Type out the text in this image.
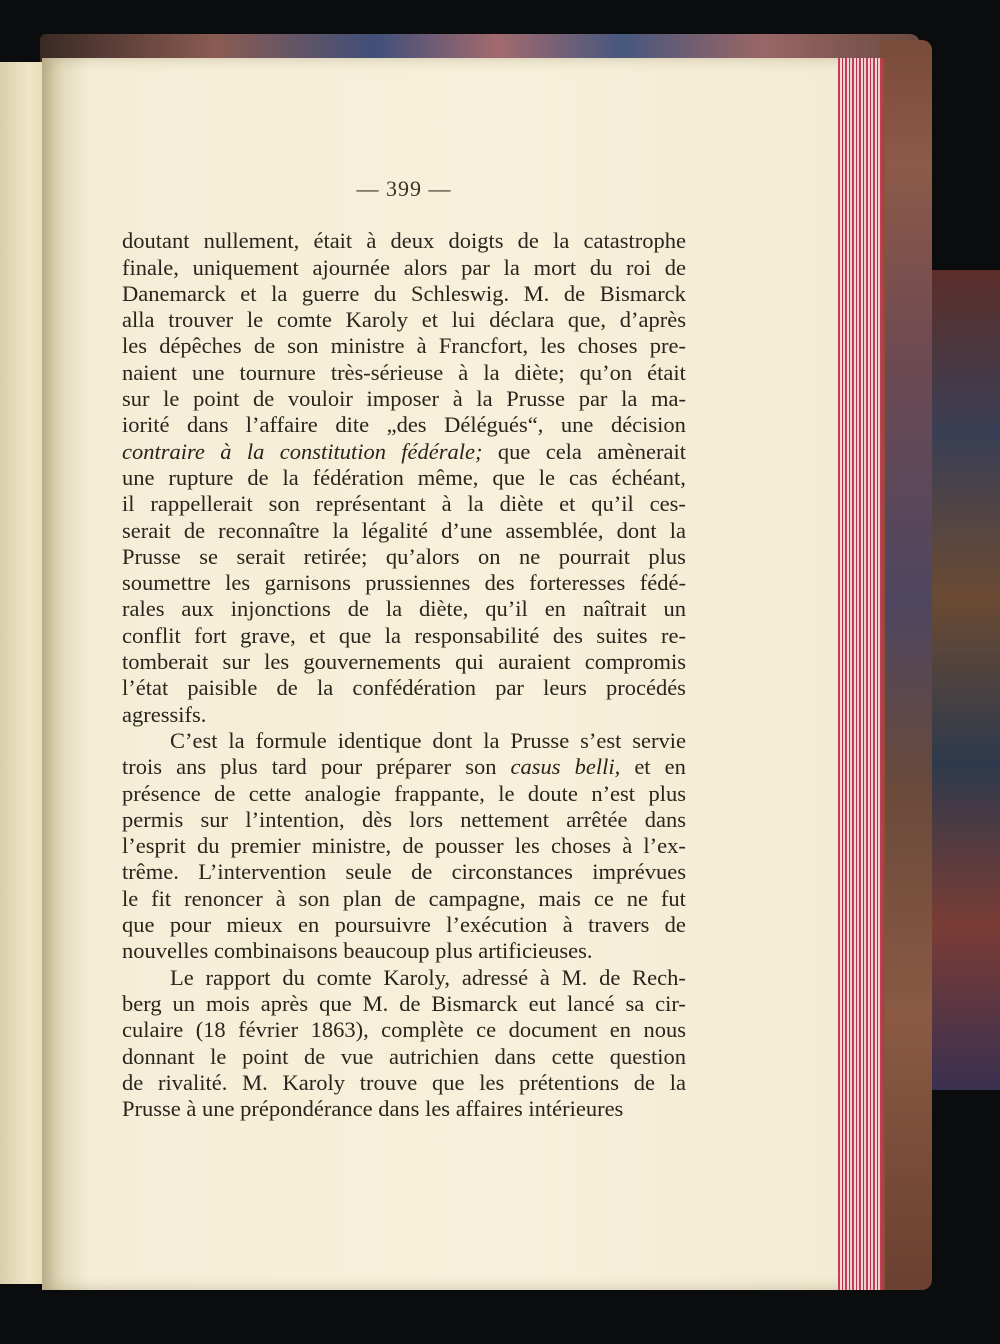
— 399 —
doutant nullement, était à deux doigts de la catastrophe
finale, uniquement ajournée alors par la mort du roi de
Danemarck et la guerre du Schleswig. M. de Bismarck
alla trouver le comte Karoly et lui déclara que, d’après
les dépêches de son ministre à Francfort, les choses pre-
naient une tournure très-sérieuse à la diète; qu’on était
sur le point de vouloir imposer à la Prusse par la ma-
iorité dans l’affaire dite „des Délégués“, une décision
contraire à la constitution fédérale; que cela amènerait
une rupture de la fédération même, que le cas échéant,
il rappellerait son représentant à la diète et qu’il ces-
serait de reconnaître la légalité d’une assemblée, dont la
Prusse se serait retirée; qu’alors on ne pourrait plus
soumettre les garnisons prussiennes des forteresses fédé-
rales aux injonctions de la diète, qu’il en naîtrait un
conflit fort grave, et que la responsabilité des suites re-
tomberait sur les gouvernements qui auraient compromis
l’état paisible de la confédération par leurs procédés
agressifs.
C’est la formule identique dont la Prusse s’est servie
trois ans plus tard pour préparer son casus belli, et en
présence de cette analogie frappante, le doute n’est plus
permis sur l’intention, dès lors nettement arrêtée dans
l’esprit du premier ministre, de pousser les choses à l’ex-
trême. L’intervention seule de circonstances imprévues
le fit renoncer à son plan de campagne, mais ce ne fut
que pour mieux en poursuivre l’exécution à travers de
nouvelles combinaisons beaucoup plus artificieuses.
Le rapport du comte Karoly, adressé à M. de Rech-
berg un mois après que M. de Bismarck eut lancé sa cir-
culaire (18 février 1863), complète ce document en nous
donnant le point de vue autrichien dans cette question
de rivalité. M. Karoly trouve que les prétentions de la
Prusse à une prépondérance dans les affaires intérieures
